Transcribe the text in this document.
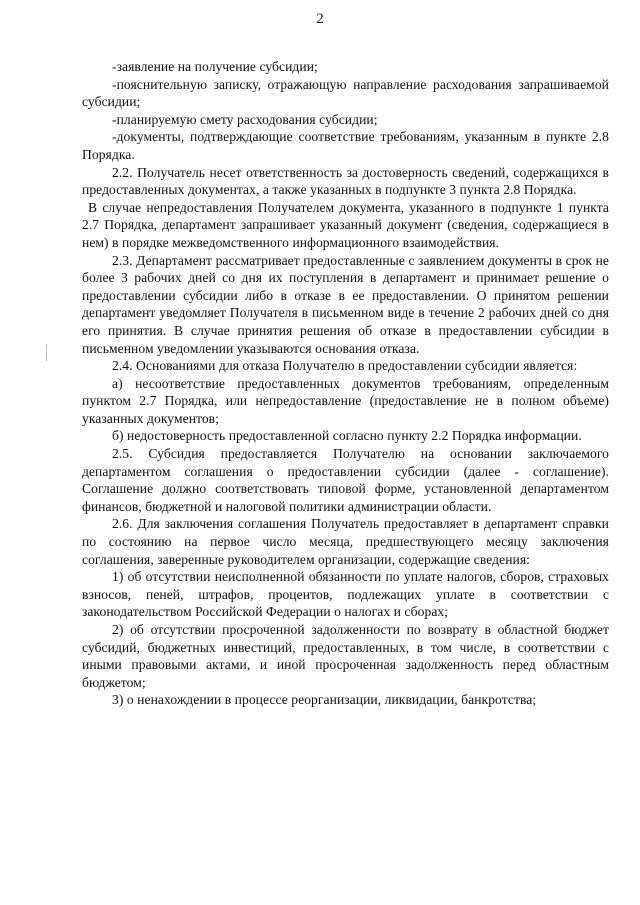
2

-заявление на получение субсидии;

-пояснительную записку, отражающую направление расходования запрашиваемой субсидии;

-планируемую смету расходования субсидии;

-документы, подтверждающие соответствие требованиям, указанным в пункте 2.8 Порядка.

2.2. Получатель несет ответственность за достоверность сведений, содержащихся в предоставленных документах, а также указанных в подпункте 3 пункта 2.8 Порядка.

В случае непредоставления Получателем документа, указанного в подпункте 1 пункта 2.7 Порядка, департамент запрашивает указанный документ (сведения, содержащиеся в нем) в порядке межведомственного информационного взаимодействия.

2.3. Департамент рассматривает предоставленные с заявлением документы в срок не более 3 рабочих дней со дня их поступления в департамент и принимает решение о предоставлении субсидии либо в отказе в ее предоставлении. О принятом решении департамент уведомляет Получателя в письменном виде в течение 2 рабочих дней со дня его принятия. В случае принятия решения об отказе в предоставлении субсидии в письменном уведомлении указываются основания отказа.

2.4. Основаниями для отказа Получателю в предоставлении субсидии является:

а) несоответствие предоставленных документов требованиям, определенным пунктом 2.7 Порядка, или непредоставление (предоставление не в полном объеме) указанных документов;

б) недостоверность предоставленной согласно пункту 2.2 Порядка информации.

2.5. Субсидия предоставляется Получателю на основании заключаемого департаментом соглашения о предоставлении субсидии (далее - соглашение). Соглашение должно соответствовать типовой форме, установленной департаментом финансов, бюджетной и налоговой политики администрации области.

2.6. Для заключения соглашения Получатель предоставляет в департамент справки по состоянию на первое число месяца, предшествующего месяцу заключения соглашения, заверенные руководителем организации, содержащие сведения:

1) об отсутствии неисполненной обязанности по уплате налогов, сборов, страховых взносов, пеней, штрафов, процентов, подлежащих уплате в соответствии с законодательством Российской Федерации о налогах и сборах;

2) об отсутствии просроченной задолженности по возврату в областной бюджет субсидий, бюджетных инвестиций, предоставленных, в том числе, в соответствии с иными правовыми актами, и иной просроченная задолженность перед областным бюджетом;

3) о ненахождении в процессе реорганизации, ликвидации, банкротства;
